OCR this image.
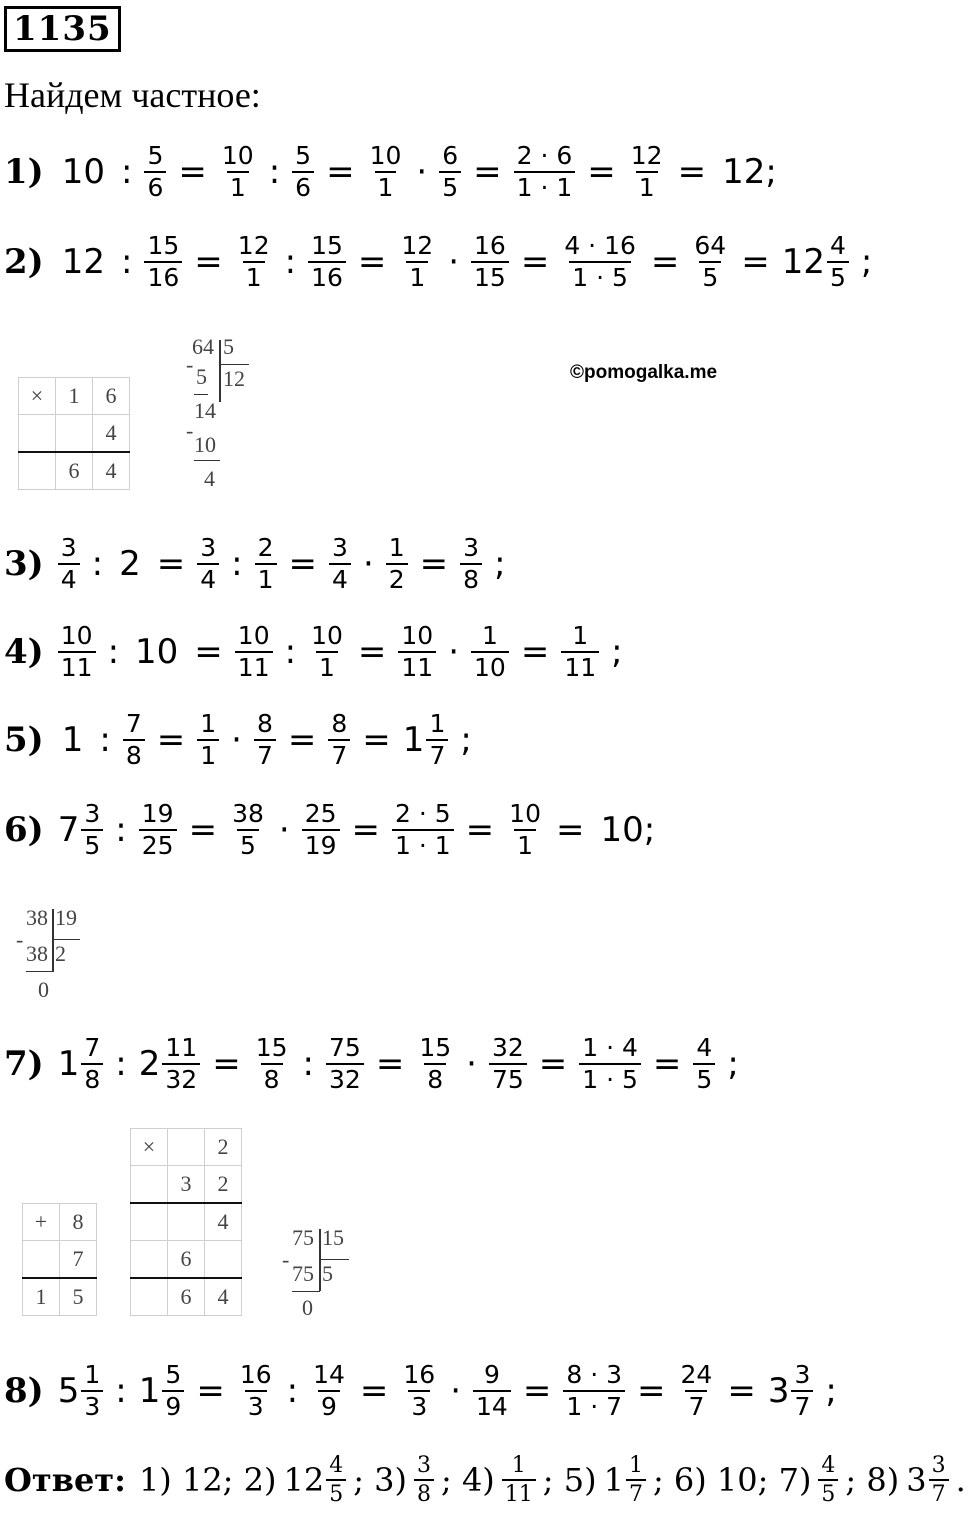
1135
Найдем частное:
©pomogalka.me
1) 10 : $\frac{5}{6} = \frac{10}{1}$ : $\frac{5}{6} = \frac{10}{1} \cdot \frac{6}{5} = \frac{2 \cdot 6}{1 \cdot 1} = \frac{12}{1} = 12$;
2) 12 : $\frac{15}{16} = \frac{12}{1}$ : $\frac{15}{16} = \frac{12}{1} \cdot \frac{16}{15} = \frac{4 \cdot 16}{1 \cdot 5} = \frac{64}{5} = 12 \frac{4}{5}$ ;
$3) \frac{3}{4}$ : $2 = \frac{3}{4}$ : $\frac{2}{1} = \frac{3}{4} \cdot \frac{1}{2} = \frac{3}{8}$ ;
$4) \frac{10}{11}$ : $10 = \frac{10}{11}$ : $\frac{10}{1} = \frac{10}{11} \cdot \frac{1}{10} = \frac{1}{11}$ ;
5) 1 : $\frac{7}{8} = \frac{1}{1} \cdot \frac{8}{7} = \frac{8}{7} = 1 \frac{1}{7}$ ;
6) $7 \frac{3}{5}$ : $\frac{19}{25} = \frac{38}{5} \cdot \frac{25}{19} = \frac{2 \cdot 5}{1 \cdot 1} = \frac{10}{1} = 10$;
7) $1 \frac{7}{8}$ : $2 \frac{11}{32} = \frac{15}{8}$ : $\frac{75}{32} = \frac{15}{8} \cdot \frac{32}{75} = \frac{1 \cdot 4}{1 \cdot 5} = \frac{4}{5}$ ;
8) $5 \frac{1}{3}$ : $1 \frac{5}{9} = \frac{16}{3}$ : $\frac{14}{9} = \frac{16}{3} \cdot \frac{9}{14} = \frac{8 \cdot 3}{1 \cdot 7} = \frac{24}{7} = 3 \frac{3}{7}$ ;
×	1	6
		4
	6	4
+	8
	7
1	5
×		2
	3	2
		4
	6	
	6	4
64
- 5
14
-
10
4
5
12
38
-
38
0
19
2
75
-
75
0
15
5
Ответ: 1) 12; 2) $12 \frac{4}{5}$ ; $3) \frac{3}{8}$ ; $4) \frac{1}{11}$ ; 5) $1 \frac{1}{7}$ ; 6) 10; $7) \frac{4}{5}$ ; 8) $3 \frac{3}{7}$ .
